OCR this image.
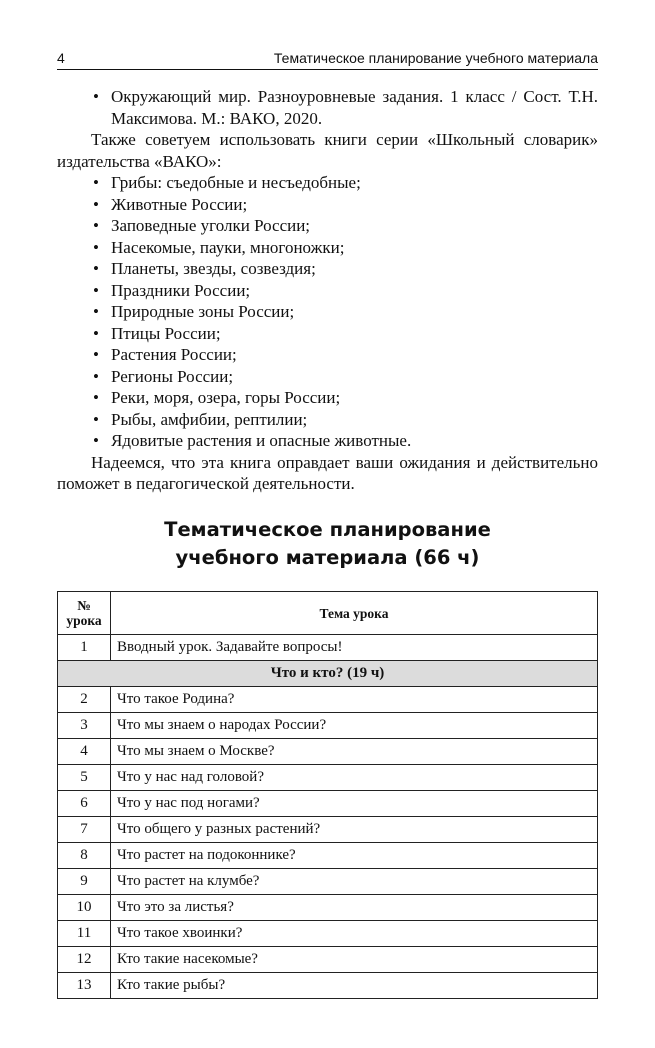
4	Тематическое планирование учебного материала
• Окружающий мир. Разноуровневые задания. 1 класс / Сост. Т.Н. Максимова. М.: ВАКО, 2020.

Также советуем использовать книги серии «Школьный словарик» издательства «ВАКО»:

• Грибы: съедобные и несъедобные;
• Животные России;
• Заповедные уголки России;
• Насекомые, пауки, многоножки;
• Планеты, звезды, созвездия;
• Праздники России;
• Природные зоны России;
• Птицы России;
• Растения России;
• Регионы России;
• Реки, моря, озера, горы России;
• Рыбы, амфибии, рептилии;
• Ядовитые растения и опасные животные.

Надеемся, что эта книга оправдает ваши ожидания и действительно поможет в педагогической деятельности.

Тематическое планирование
учебного материала (66 ч)
№ урока	Тема урока
1	Вводный урок. Задавайте вопросы!
Что и кто? (19 ч)	
2	Что такое Родина?
3	Что мы знаем о народах России?
4	Что мы знаем о Москве?
5	Что у нас над головой?
6	Что у нас под ногами?
7	Что общего у разных растений?
8	Что растет на подоконнике?
9	Что растет на клумбе?
10	Что это за листья?
11	Что такое хвоинки?
12	Кто такие насекомые?
13	Кто такие рыбы?
